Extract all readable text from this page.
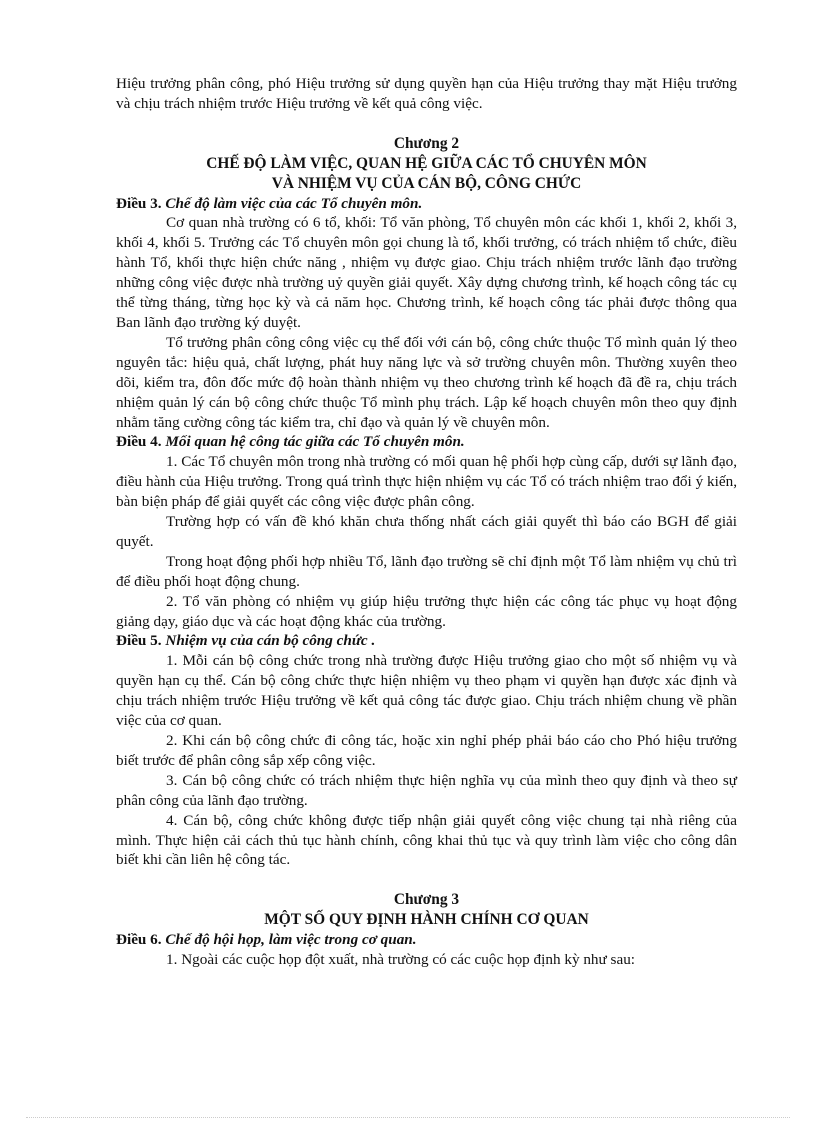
Hiệu trưởng phân công, phó Hiệu trưởng sử dụng quyền hạn của Hiệu trưởng thay mặt Hiệu trưởng và chịu trách nhiệm trước Hiệu trưởng về kết quả công việc.

Chương 2
CHẾ ĐỘ LÀM VIỆC, QUAN HỆ GIỮA CÁC TỔ CHUYÊN MÔN
VÀ NHIỆM VỤ CỦA CÁN BỘ, CÔNG CHỨC

Điều 3. Chế độ làm việc của các Tổ chuyên môn.

Cơ quan nhà trường có 6 tổ, khối: Tổ văn phòng, Tổ chuyên môn các khối 1, khối 2, khối 3, khối 4, khối 5. Trưởng các Tổ chuyên môn gọi chung là tổ, khối trưởng, có trách nhiệm tổ chức, điều hành Tổ, khối thực hiện chức năng , nhiệm vụ được giao. Chịu trách nhiệm trước lãnh đạo trường những công việc được nhà trường uỷ quyền giải quyết. Xây dựng chương trình, kế hoạch công tác cụ thể từng tháng, từng học kỳ và cả năm học. Chương trình, kế hoạch công tác phải được thông qua Ban lãnh đạo trường ký duyệt.

Tổ trưởng phân công công việc cụ thể đối với cán bộ, công chức thuộc Tổ mình quản lý theo nguyên tắc: hiệu quả, chất lượng, phát huy năng lực và sở trường chuyên môn. Thường xuyên theo dõi, kiểm tra, đôn đốc mức độ hoàn thành nhiệm vụ theo chương trình kế hoạch đã đề ra, chịu trách nhiệm quản lý cán bộ công chức thuộc Tổ mình phụ trách. Lập kế hoạch chuyên môn theo quy định nhằm tăng cường công tác kiểm tra, chỉ đạo và quản lý về chuyên môn.

Điều 4. Mối quan hệ công tác giữa các Tổ chuyên môn.

1. Các Tổ chuyên môn trong nhà trường có mối quan hệ phối hợp cùng cấp, dưới sự lãnh đạo, điều hành của Hiệu trưởng. Trong quá trình thực hiện nhiệm vụ các Tổ có trách nhiệm trao đổi ý kiến, bàn biện pháp để giải quyết các công việc được phân công.

Trường hợp có vấn đề khó khăn chưa thống nhất cách giải quyết thì báo cáo BGH để giải quyết.

Trong hoạt động phối hợp nhiều Tổ, lãnh đạo trường sẽ chỉ định một Tổ làm nhiệm vụ chủ trì để điều phối hoạt động chung.

2. Tổ văn phòng có nhiệm vụ giúp hiệu trưởng thực hiện các công tác phục vụ hoạt động giảng dạy, giáo dục và các hoạt động khác của trường.

Điều 5. Nhiệm vụ của cán bộ công chức .

1. Mỗi cán bộ công chức trong nhà trường được Hiệu trưởng giao cho một số nhiệm vụ và quyền hạn cụ thể. Cán bộ công chức thực hiện nhiệm vụ theo phạm vi quyền hạn được xác định và chịu trách nhiệm trước Hiệu trưởng về kết quả công tác được giao. Chịu trách nhiệm chung về phần việc của cơ quan.

2. Khi cán bộ công chức đi công tác, hoặc xin nghỉ phép phải báo cáo cho Phó hiệu trưởng biết trước để phân công sắp xếp công việc.

3. Cán bộ công chức có trách nhiệm thực hiện nghĩa vụ của mình theo quy định và theo sự phân công của lãnh đạo trường.

4. Cán bộ, công chức không được tiếp nhận giải quyết công việc chung tại nhà riêng của mình. Thực hiện cải cách thủ tục hành chính, công khai thủ tục và quy trình làm việc cho công dân biết khi cần liên hệ công tác.

Chương 3
MỘT SỐ QUY ĐỊNH HÀNH CHÍNH CƠ QUAN

Điều 6. Chế độ hội họp, làm việc trong cơ quan.

1. Ngoài các cuộc họp đột xuất, nhà trường có các cuộc họp định kỳ như sau:
